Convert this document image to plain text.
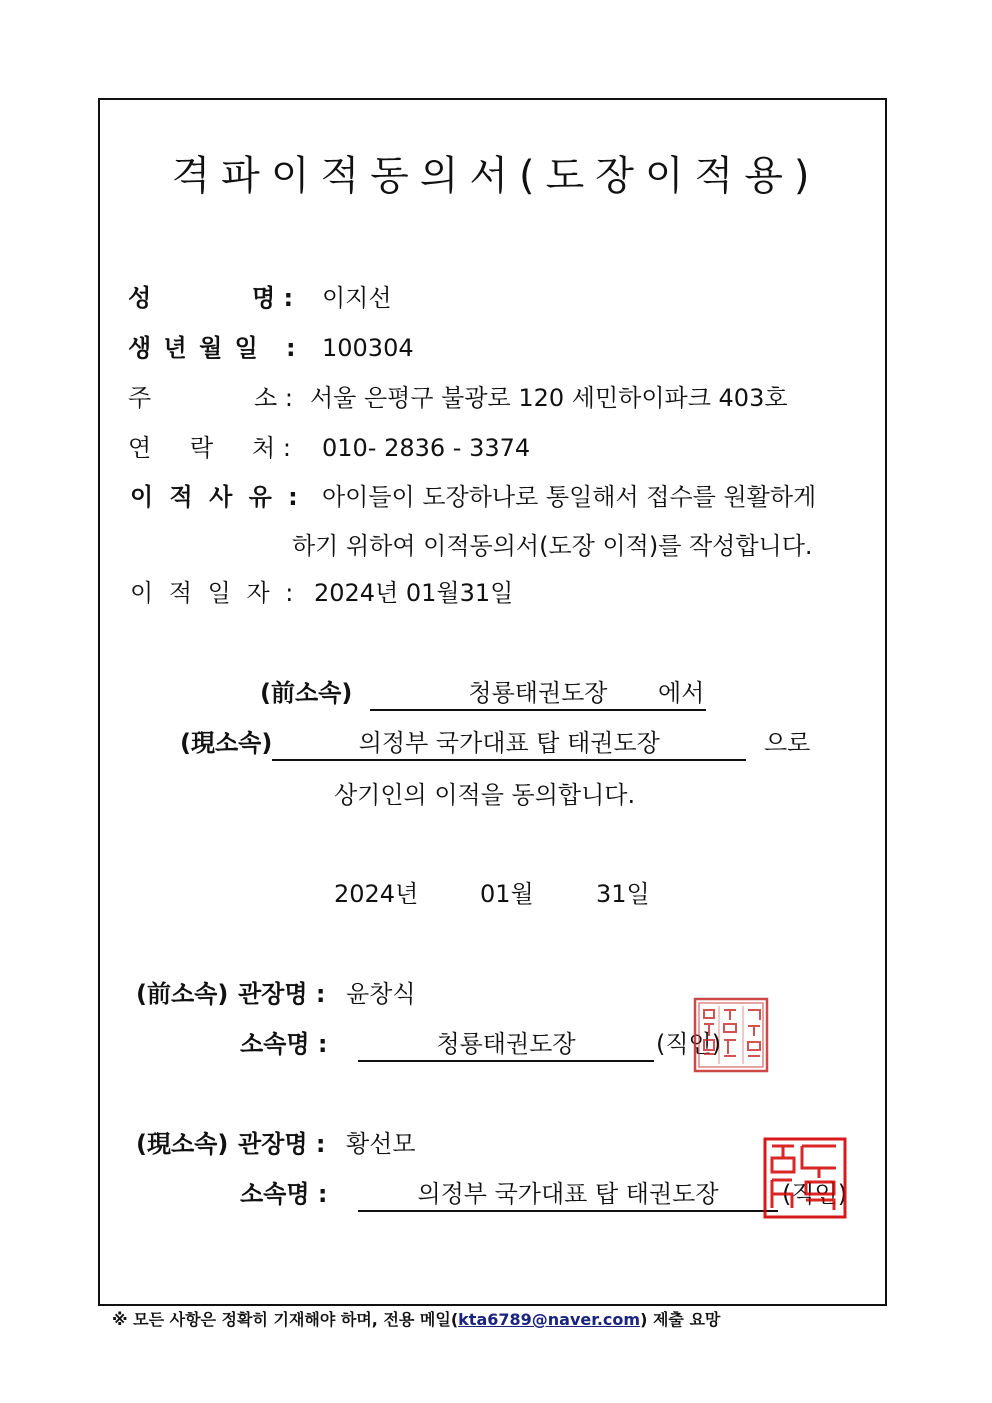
격파이적동의서(도장이적용)
성	명 : 이지선
생 년 월 일 : 100304
주	소 : 서울 은평구 불광로 120 세민하이파크 403호
연 락 처 : 010- 2836 - 3374
이 적 사 유 : 아이들이 도장하나로 통일해서 접수를 원활하게
하기 위하여 이적동의서(도장 이적)를 작성합니다.
이 적 일 자 : 2024년 01월31일
(前소속)	청룡태권도장 에서
(現소속)	의정부 국가대표 탑 태권도장	으로
상기인의 이적을 동의합니다.
2024년	01월	31일
(前소속) 관장명 : 윤창식
소속명 :	청룡태권도장	(직인)
(現소속) 관장명 : 황선모
소속명 :	의정부 국가대표 탑 태권도장	(직인)
※ 모든 사항은 정확히 기재해야 하며, 전용 메일(kta6789@naver.com) 제출 요망
